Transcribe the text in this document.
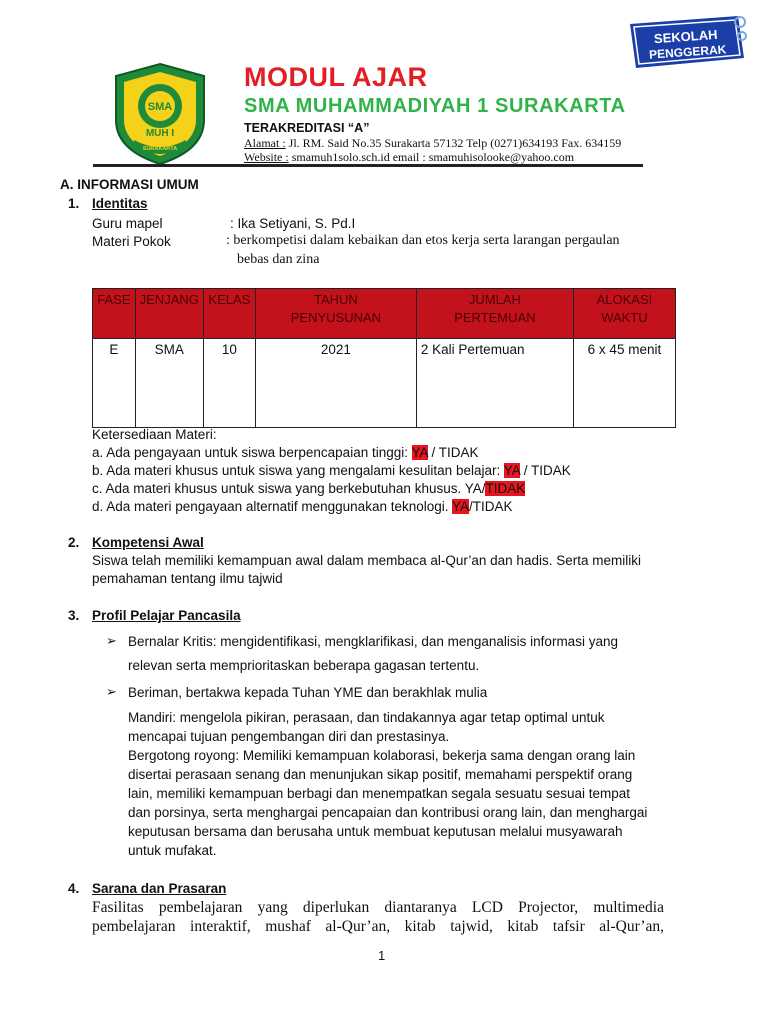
SMA
MUH I
SURAKARTA
MODUL AJAR
SMA MUHAMMADIYAH 1 SURAKARTA
TERAKREDITASI “A”
Alamat : Jl. RM. Said No.35 Surakarta 57132 Telp (0271)634193 Fax. 634159
Website : smamuh1solo.sch.id email : smamuhisolooke@yahoo.com
SEKOLAH
PENGGERAK
A. INFORMASI UMUM
1. Identitas
Guru mapel	: Ika Setiyani, S. Pd.I
Materi Pokok	: berkompetisi dalam kebaikan dan etos kerja serta larangan pergaulan
bebas dan zina
FASE	JENJANG	KELAS	TAHUN PENYUSUNAN	JUMLAH PERTEMUAN	ALOKASI WAKTU
E	SMA	10	2021	2 Kali Pertemuan	6 x 45 menit
Ketersediaan Materi:
a. Ada pengayaan untuk siswa berpencapaian tinggi: YA / TIDAK
b. Ada materi khusus untuk siswa yang mengalami kesulitan belajar: YA / TIDAK
c. Ada materi khusus untuk siswa yang berkebutuhan khusus. YA/TIDAK
d. Ada materi pengayaan alternatif menggunakan teknologi. YA/TIDAK
2. Kompetensi Awal
Siswa telah memiliki kemampuan awal dalam membaca al-Qur’an dan hadis. Serta memiliki
pemahaman tentang ilmu tajwid
3. Profil Pelajar Pancasila
➢ Bernalar Kritis: mengidentifikasi, mengklarifikasi, dan menganalisis informasi yang
relevan serta memprioritaskan beberapa gagasan tertentu.
➢ Beriman, bertakwa kepada Tuhan YME dan berakhlak mulia
Mandiri: mengelola pikiran, perasaan, dan tindakannya agar tetap optimal untuk
mencapai tujuan pengembangan diri dan prestasinya.
Bergotong royong: Memiliki kemampuan kolaborasi, bekerja sama dengan orang lain
disertai perasaan senang dan menunjukan sikap positif, memahami perspektif orang
lain, memiliki kemampuan berbagi dan menempatkan segala sesuatu sesuai tempat
dan porsinya, serta menghargai pencapaian dan kontribusi orang lain, dan menghargai
keputusan bersama dan berusaha untuk membuat keputusan melalui musyawarah
untuk mufakat.
4. Sarana dan Prasaran
Fasilitas pembelajaran yang diperlukan diantaranya LCD Projector, multimedia
pembelajaran interaktif, mushaf al-Qur’an, kitab tajwid, kitab tafsir al-Qur’an,
1
